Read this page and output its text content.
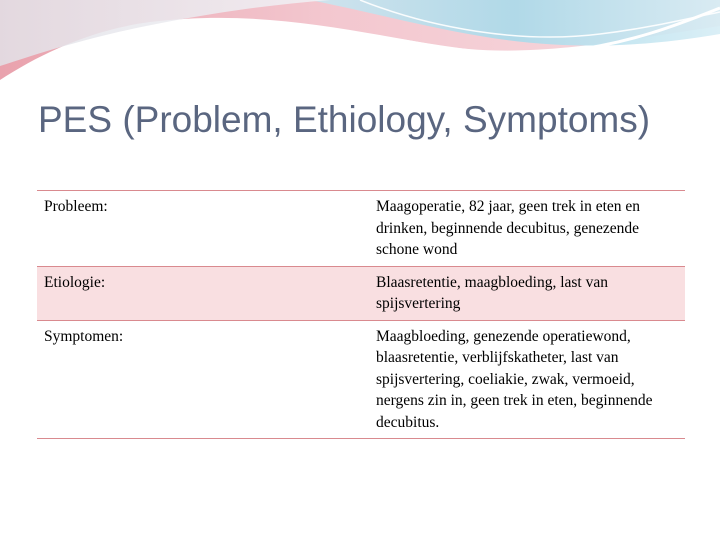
PES (Problem, Ethiology, Symptoms)
Probleem:	Maagoperatie, 82 jaar, geen trek in eten en drinken, beginnende decubitus, genezende schone wond
Etiologie:	Blaasretentie, maagbloeding, last van spijsvertering
Symptomen:	Maagbloeding, genezende operatiewond, blaasretentie, verblijfskatheter, last van spijsvertering, coeliakie, zwak, vermoeid, nergens zin in, geen trek in eten, beginnende decubitus.
